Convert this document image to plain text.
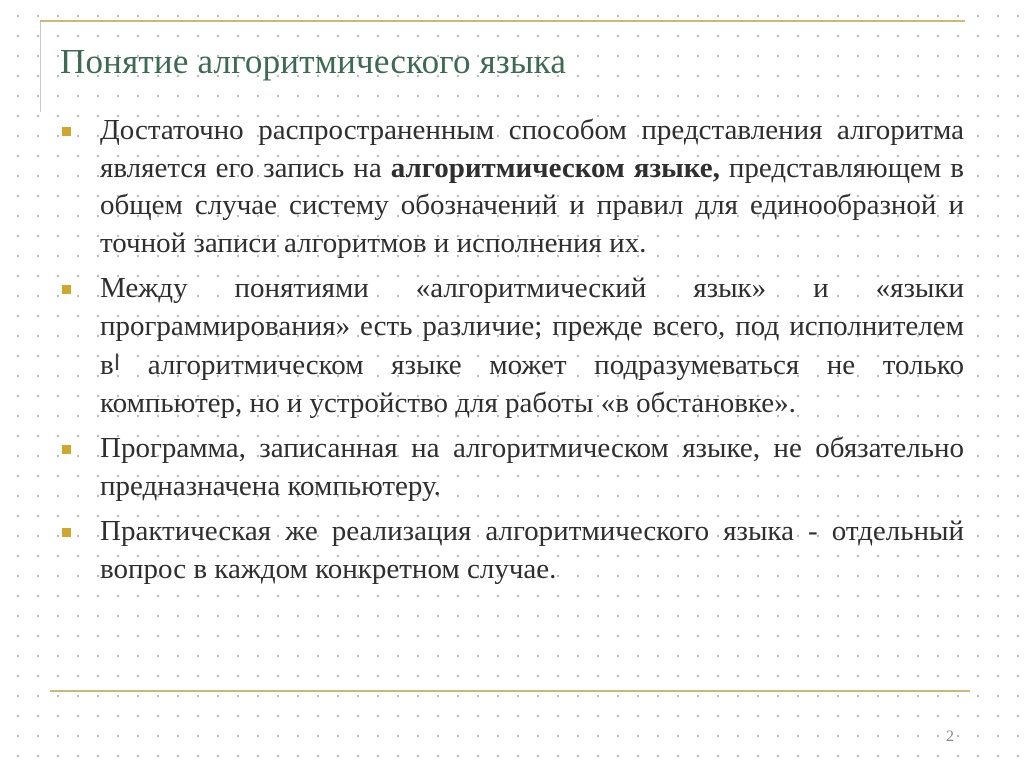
Понятие алгоритмического языка
Достаточно распространенным способом представления алгоритма является его запись на алгоритмическом языке, представляющем в общем случае систему обозначений и правил для единообразной и точной записи алгоритмов и исполнения их.
Между понятиями «алгоритмический язык» и «языки программирования» есть различие; прежде всего, под исполнителем вI алгоритмическом языке может подразумеваться не только компьютер, но и устройство для работы «в обстановке».
Программа, записанная на алгоритмическом языке, не обязательно предназначена компьютеру.
Практическая же реализация алгоритмического языка - отдельный вопрос в каждом конкретном случае.
2
